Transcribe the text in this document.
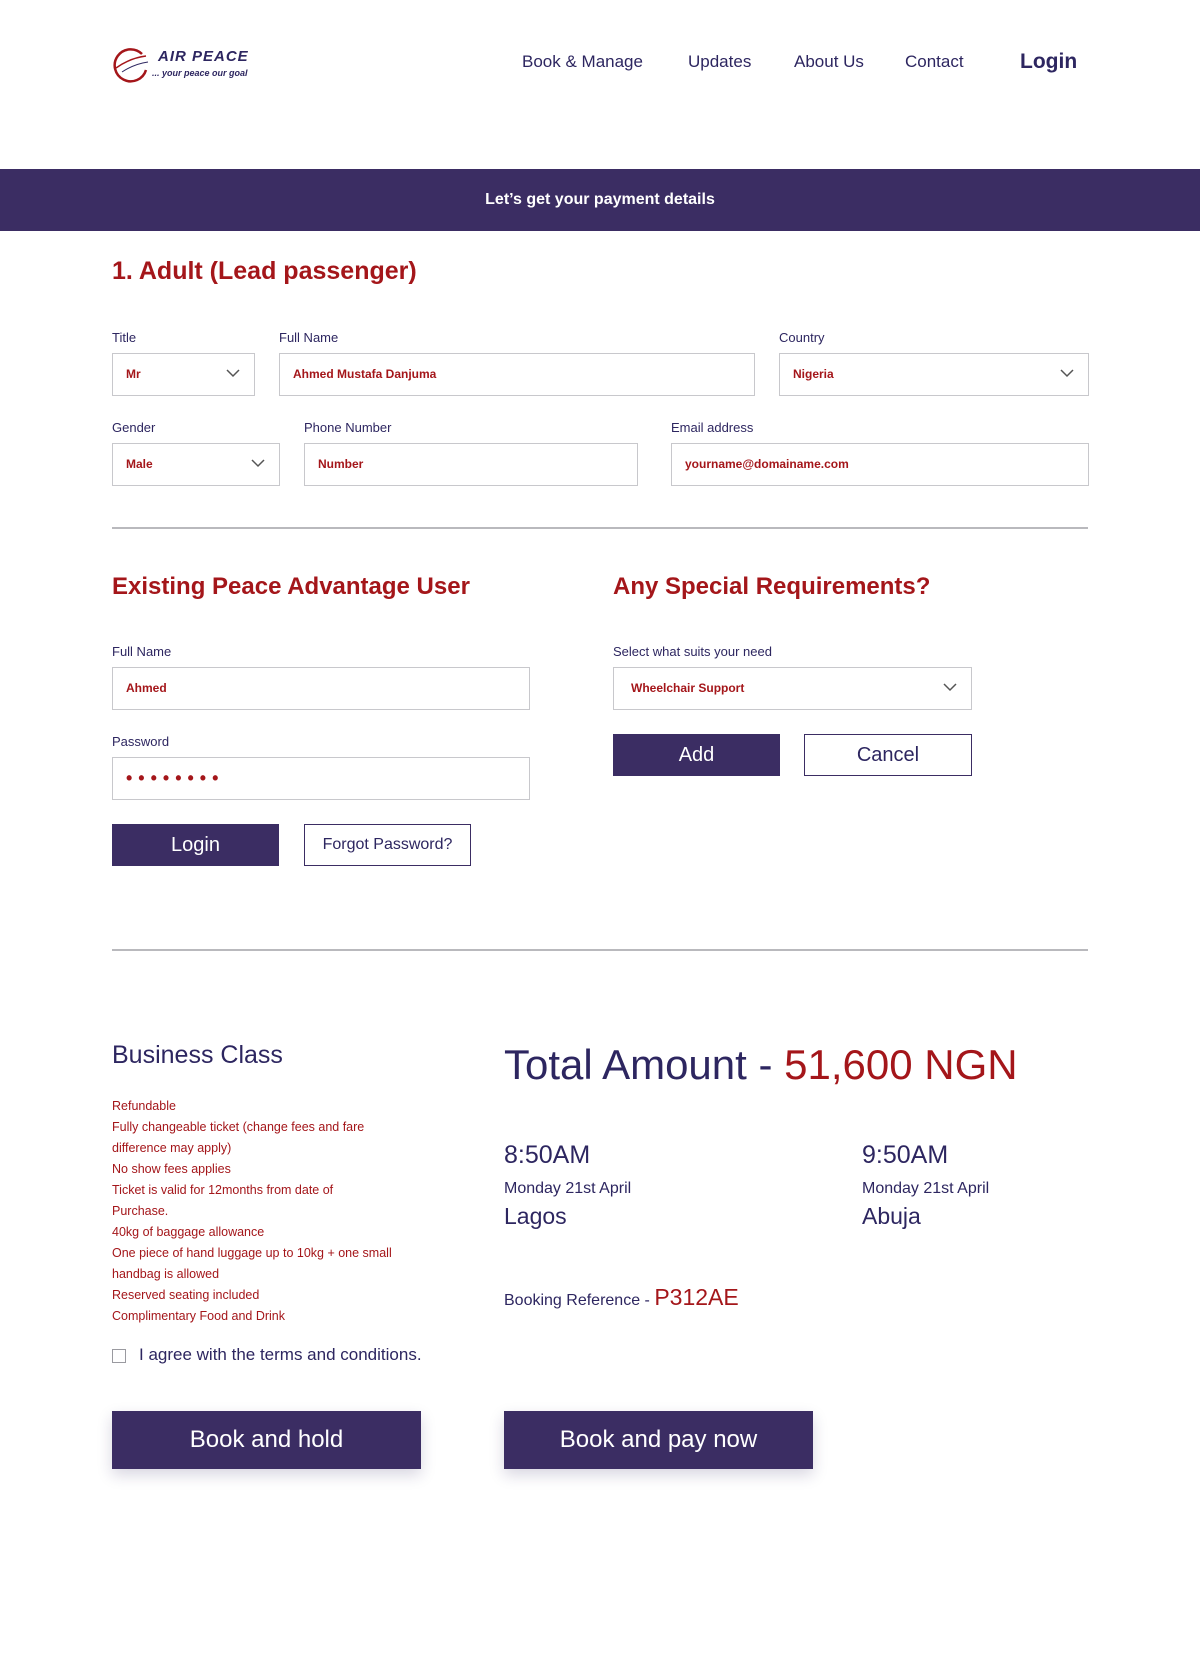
AIR PEACE
... your peace our goal
Book & Manage	Updates	About Us Contact	Login
Let’s get your payment details
1. Adult (Lead passenger)
Title
Mr
Full Name
Ahmed Mustafa Danjuma
Country
Nigeria
Gender
Male
Phone Number
Number
Email address
yourname@domainame.com
Existing Peace Advantage User
Full Name
Ahmed
Password
••••••••
Login	Forgot Password?
Any Special Requirements?
Select what suits your need
Wheelchair Support
Add	Cancel
Business Class
Refundable
Fully changeable ticket (change fees and fare
difference may apply)
No show fees applies
Ticket is valid for 12months from date of
Purchase.
40kg of baggage allowance
One piece of hand luggage up to 10kg + one small
handbag is allowed
Reserved seating included
Complimentary Food and Drink
I agree with the terms and conditions.
Book and hold
Total Amount - 51,600 NGN
8:50AM
Monday 21st April
Lagos
9:50AM
Monday 21st April
Abuja
Booking Reference - P312AE
Book and pay now
